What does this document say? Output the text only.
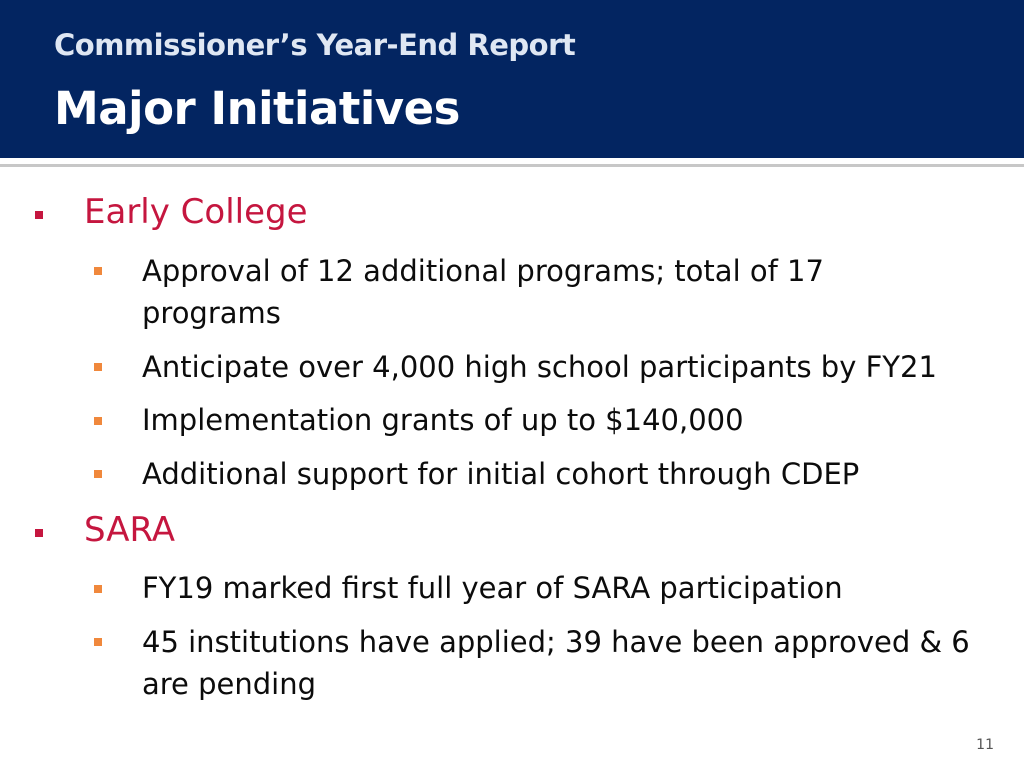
Commissioner’s Year-End Report
Major Initiatives
Early College
Approval of 12 additional programs; total of 17
programs
Anticipate over 4,000 high school participants by FY21
Implementation grants of up to $140,000
Additional support for initial cohort through CDEP
SARA
FY19 marked first full year of SARA participation
45 institutions have applied; 39 have been approved & 6
are pending
11
